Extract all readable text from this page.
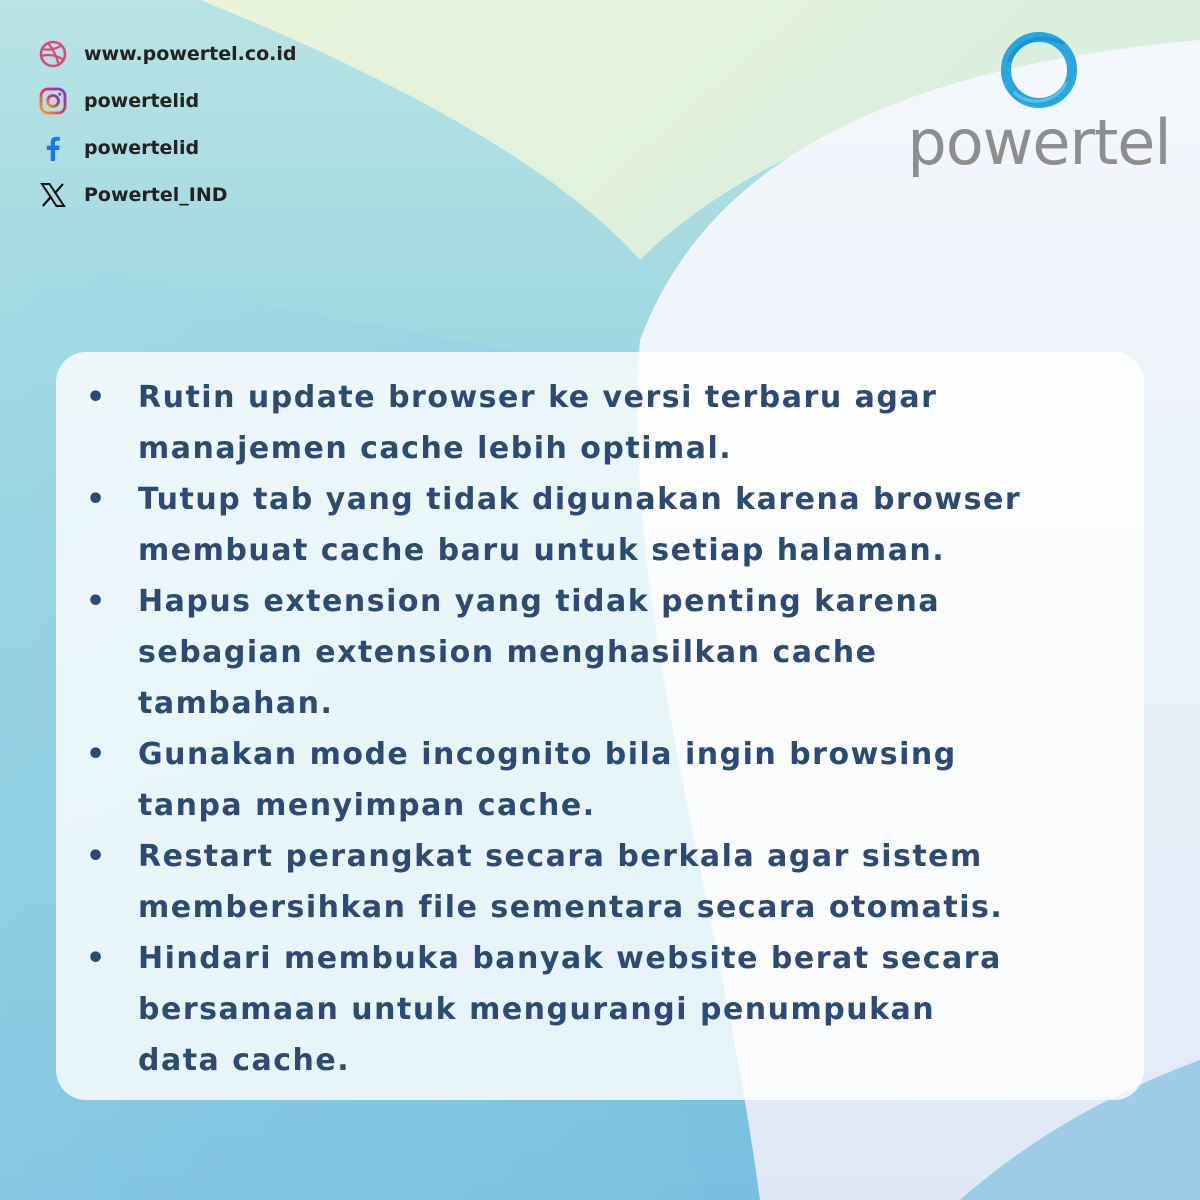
www.powertel.co.id
powertelid
powertelid
Powertel_IND
powertel
•	Rutin update browser ke versi terbaru agar
manajemen cache lebih optimal.
•	Tutup tab yang tidak digunakan karena browser
membuat cache baru untuk setiap halaman.
•	Hapus extension yang tidak penting karena
sebagian extension menghasilkan cache
tambahan.
•	Gunakan mode incognito bila ingin browsing
tanpa menyimpan cache.
•	Restart perangkat secara berkala agar sistem
membersihkan file sementara secara otomatis.
•	Hindari membuka banyak website berat secara
bersamaan untuk mengurangi penumpukan
data cache.
